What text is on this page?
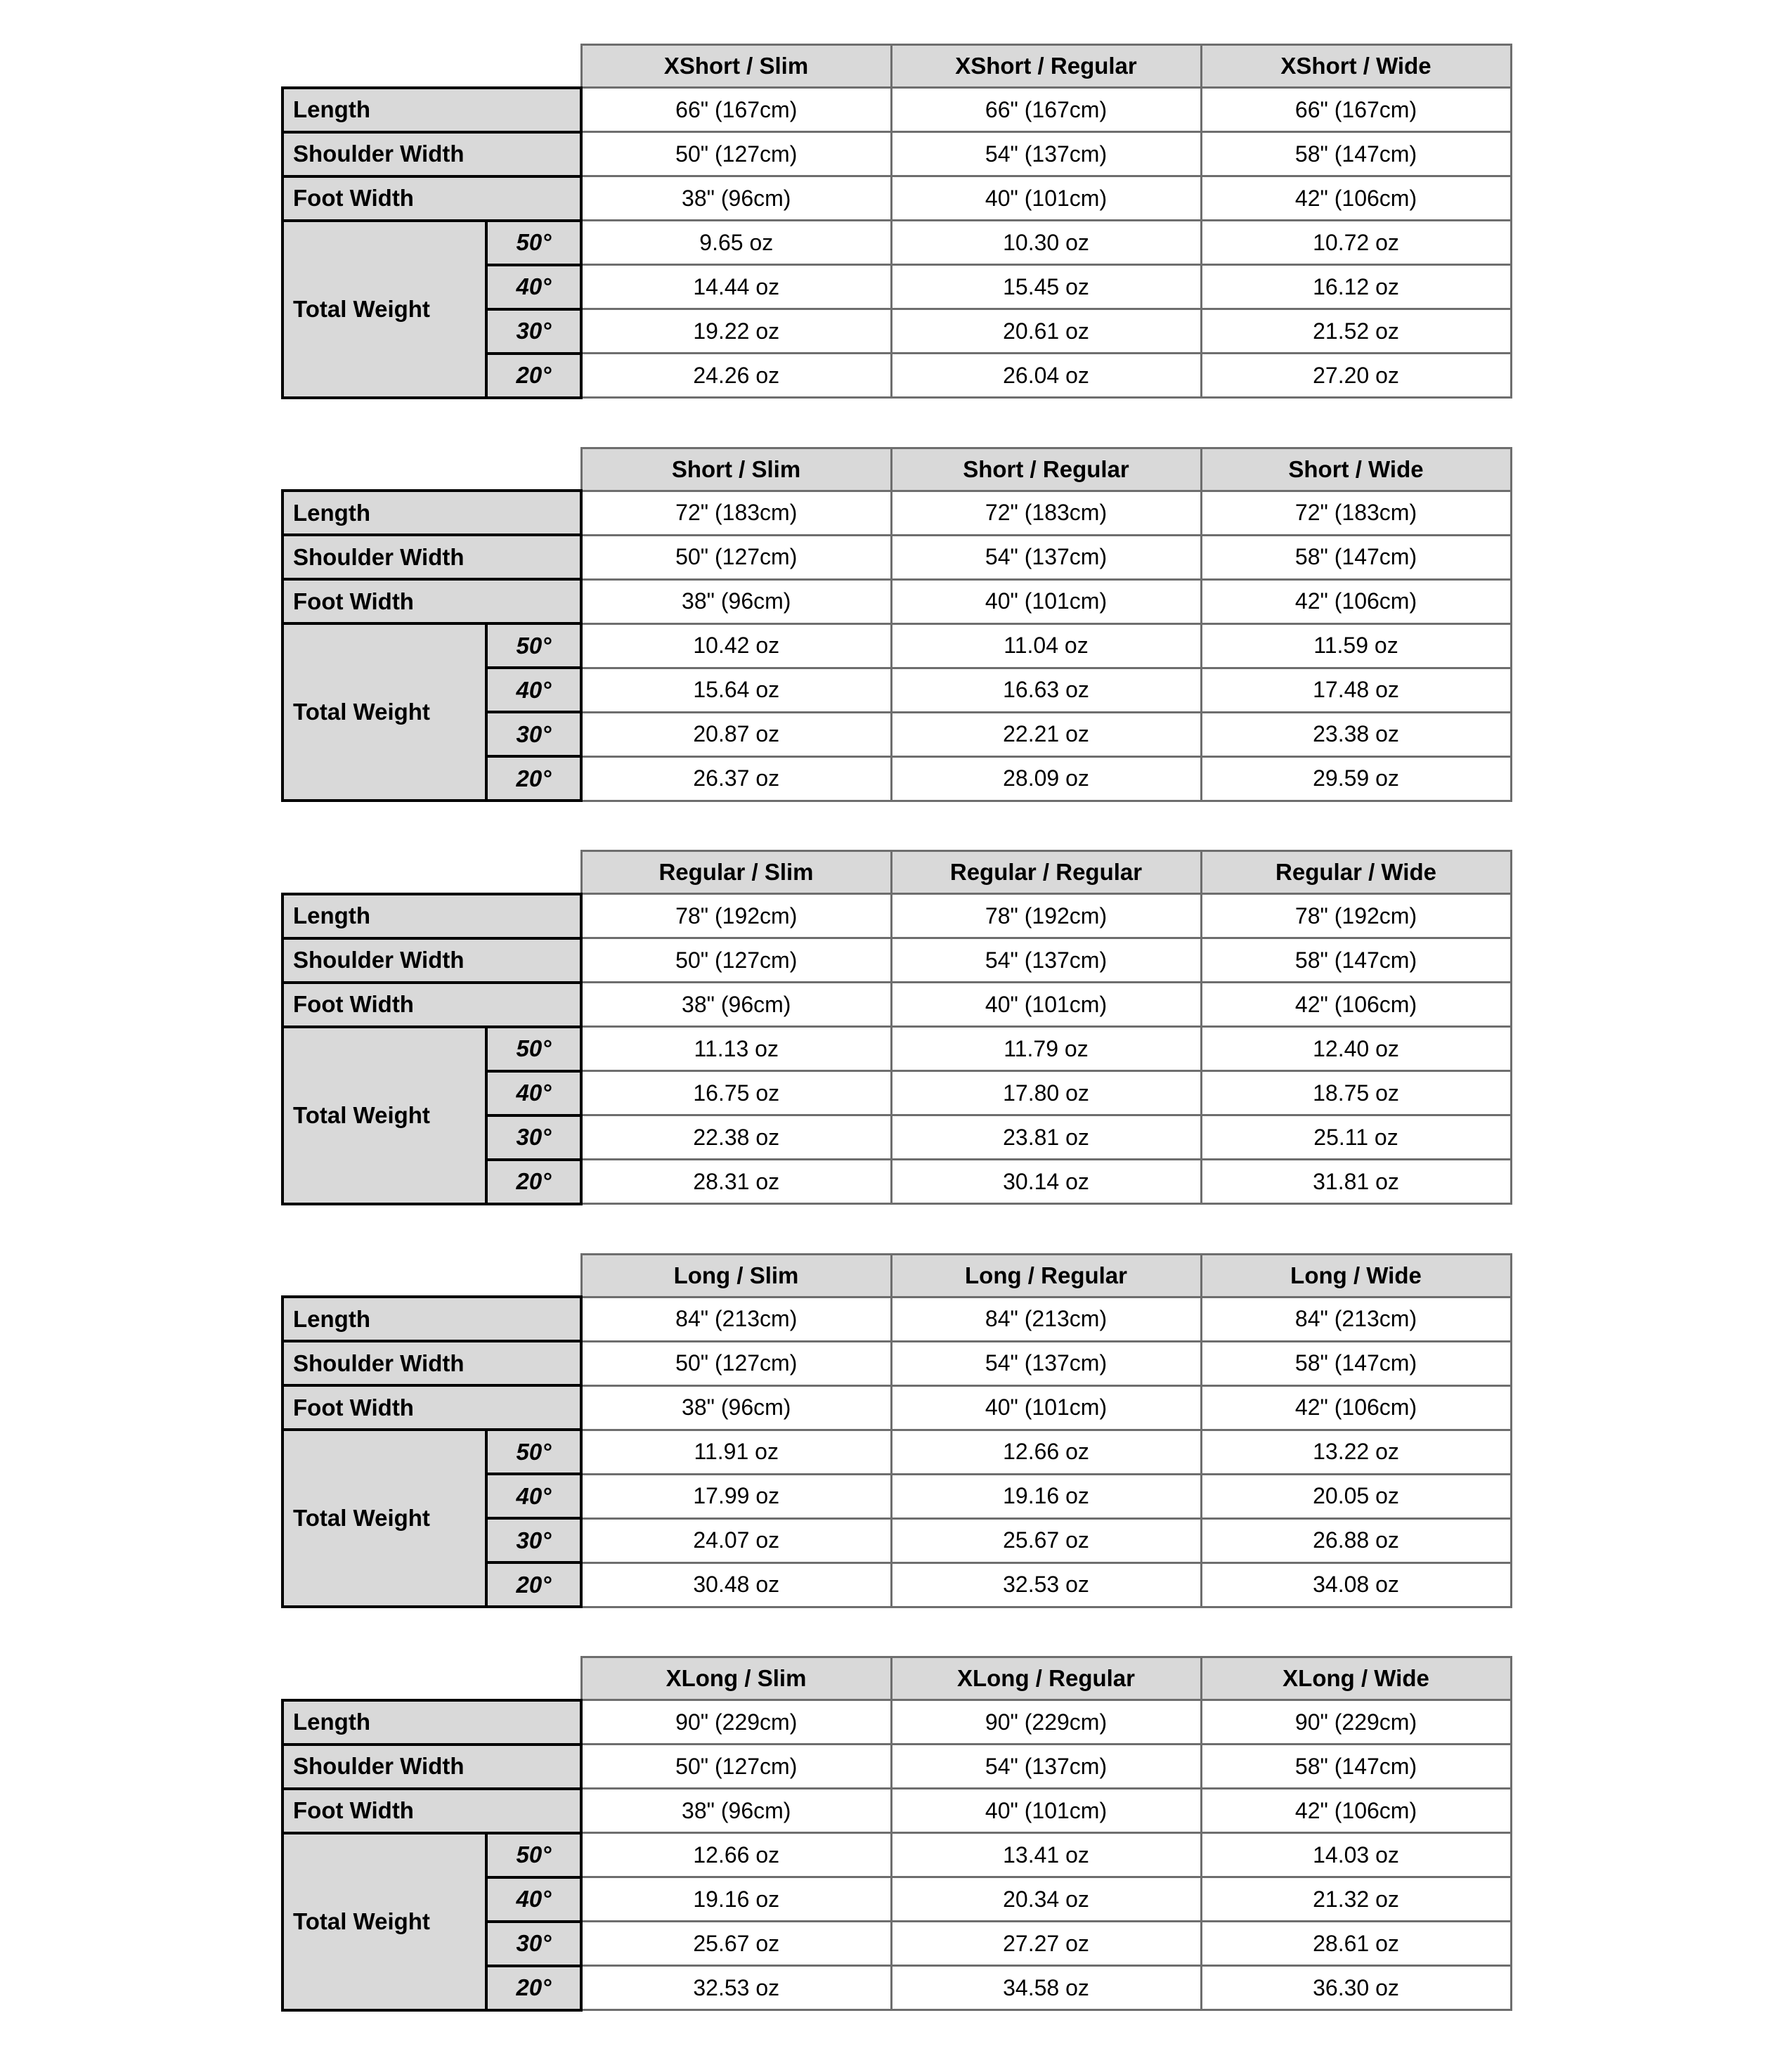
		XShort / Slim	XShort / Regular	XShort / Wide
Length		66" (167cm)	66" (167cm)	66" (167cm)
Shoulder Width		50" (127cm)	54" (137cm)	58" (147cm)
Foot Width		38" (96cm)	40" (101cm)	42" (106cm)
Total Weight	50°	9.65 oz	10.30 oz	10.72 oz
	40°	14.44 oz	15.45 oz	16.12 oz
	30°	19.22 oz	20.61 oz	21.52 oz
	20°	24.26 oz	26.04 oz	27.20 oz
		Short / Slim	Short / Regular	Short / Wide
Length		72" (183cm)	72" (183cm)	72" (183cm)
Shoulder Width		50" (127cm)	54" (137cm)	58" (147cm)
Foot Width		38" (96cm)	40" (101cm)	42" (106cm)
Total Weight	50°	10.42 oz	11.04 oz	11.59 oz
	40°	15.64 oz	16.63 oz	17.48 oz
	30°	20.87 oz	22.21 oz	23.38 oz
	20°	26.37 oz	28.09 oz	29.59 oz
		Regular / Slim	Regular / Regular	Regular / Wide
Length		78" (192cm)	78" (192cm)	78" (192cm)
Shoulder Width		50" (127cm)	54" (137cm)	58" (147cm)
Foot Width		38" (96cm)	40" (101cm)	42" (106cm)
Total Weight	50°	11.13 oz	11.79 oz	12.40 oz
	40°	16.75 oz	17.80 oz	18.75 oz
	30°	22.38 oz	23.81 oz	25.11 oz
	20°	28.31 oz	30.14 oz	31.81 oz
		Long / Slim	Long / Regular	Long / Wide
Length		84" (213cm)	84" (213cm)	84" (213cm)
Shoulder Width		50" (127cm)	54" (137cm)	58" (147cm)
Foot Width		38" (96cm)	40" (101cm)	42" (106cm)
Total Weight	50°	11.91 oz	12.66 oz	13.22 oz
	40°	17.99 oz	19.16 oz	20.05 oz
	30°	24.07 oz	25.67 oz	26.88 oz
	20°	30.48 oz	32.53 oz	34.08 oz
		XLong / Slim	XLong / Regular	XLong / Wide
Length		90" (229cm)	90" (229cm)	90" (229cm)
Shoulder Width		50" (127cm)	54" (137cm)	58" (147cm)
Foot Width		38" (96cm)	40" (101cm)	42" (106cm)
Total Weight	50°	12.66 oz	13.41 oz	14.03 oz
	40°	19.16 oz	20.34 oz	21.32 oz
	30°	25.67 oz	27.27 oz	28.61 oz
	20°	32.53 oz	34.58 oz	36.30 oz
